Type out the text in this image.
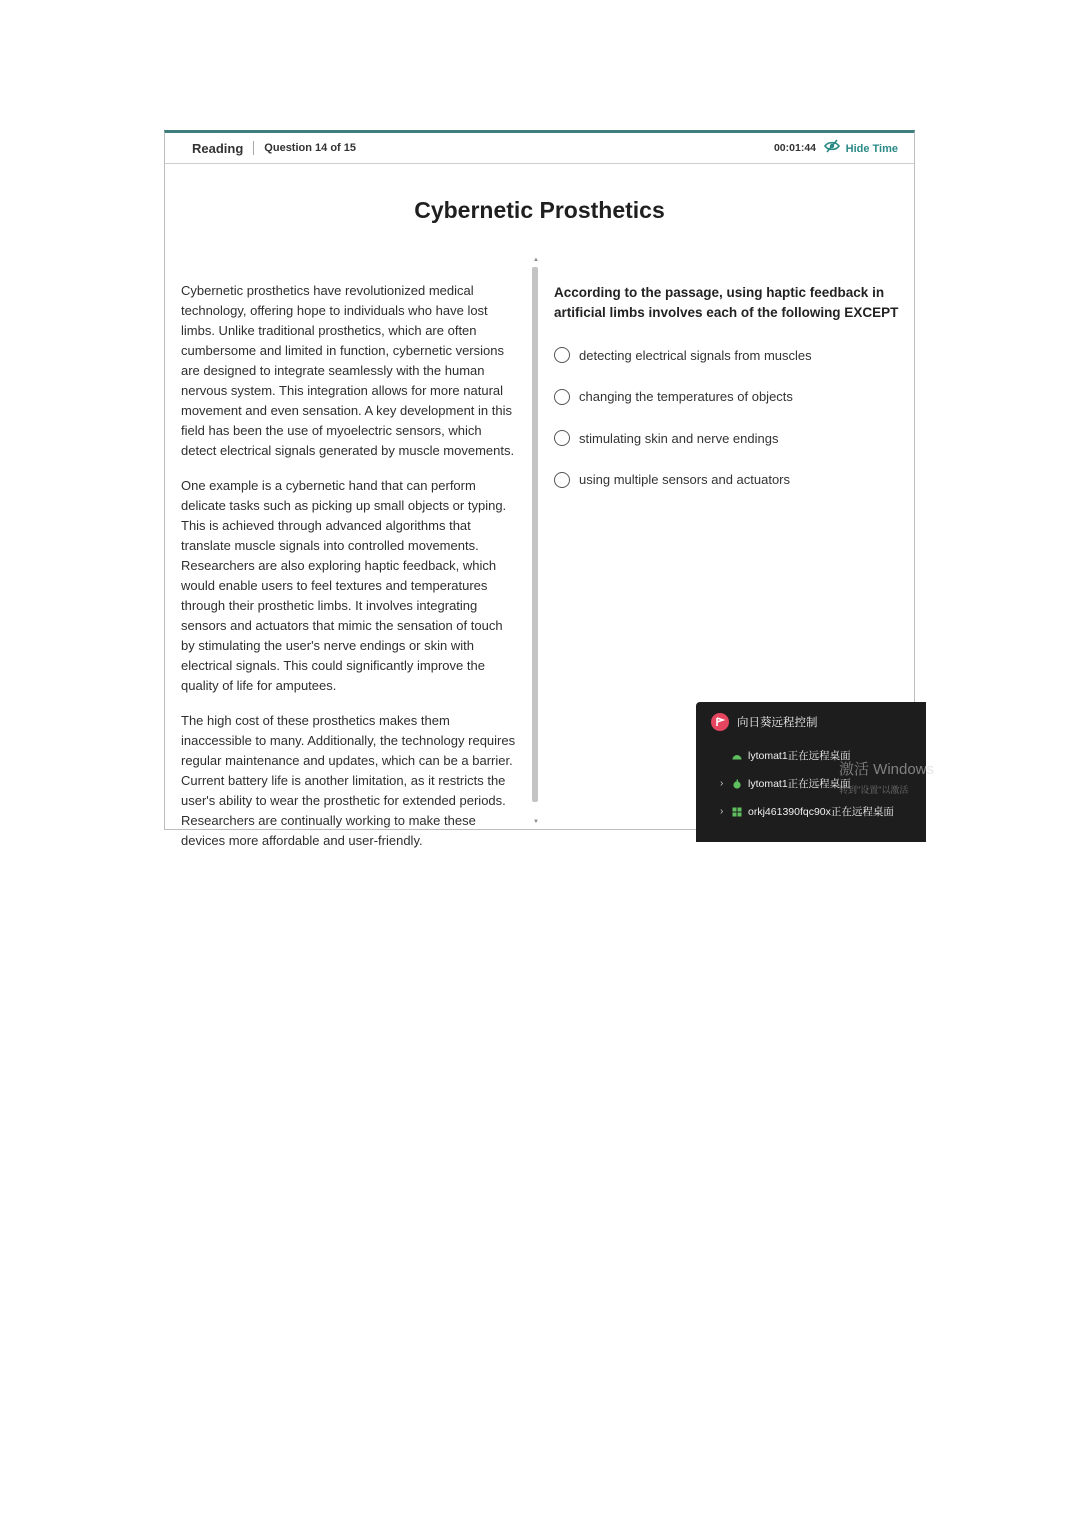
Reading Question 14 of 15	00:01:44	Hide Time
Cybernetic Prosthetics

Cybernetic prosthetics have revolutionized medical technology, offering hope to individuals who have lost limbs. Unlike traditional prosthetics, which are often cumbersome and limited in function, cybernetic versions are designed to integrate seamlessly with the human nervous system. This integration allows for more natural movement and even sensation. A key development in this field has been the use of myoelectric sensors, which detect electrical signals generated by muscle movements.

One example is a cybernetic hand that can perform delicate tasks such as picking up small objects or typing. This is achieved through advanced algorithms that translate muscle signals into controlled movements. Researchers are also exploring haptic feedback, which would enable users to feel textures and temperatures through their prosthetic limbs. It involves integrating sensors and actuators that mimic the sensation of touch by stimulating the user's nerve endings or skin with electrical signals. This could significantly improve the quality of life for amputees.

The high cost of these prosthetics makes them inaccessible to many. Additionally, the technology requires regular maintenance and updates, which can be a barrier. Current battery life is another limitation, as it restricts the user's ability to wear the prosthetic for extended periods. Researchers are continually working to make these devices more affordable and user-friendly.

▲
▼
According to the passage, using haptic feedback in artificial limbs involves each of the following EXCEPT
detecting electrical signals from muscles
changing the temperatures of objects
stimulating skin and nerve endings
using multiple sensors and actuators
向日葵远程控制
lytomat1正在远程桌面
›	lytomat1正在远程桌面
›	orkj461390fqc90x正在远程桌面
激活 Windows
转到"设置"以激活
